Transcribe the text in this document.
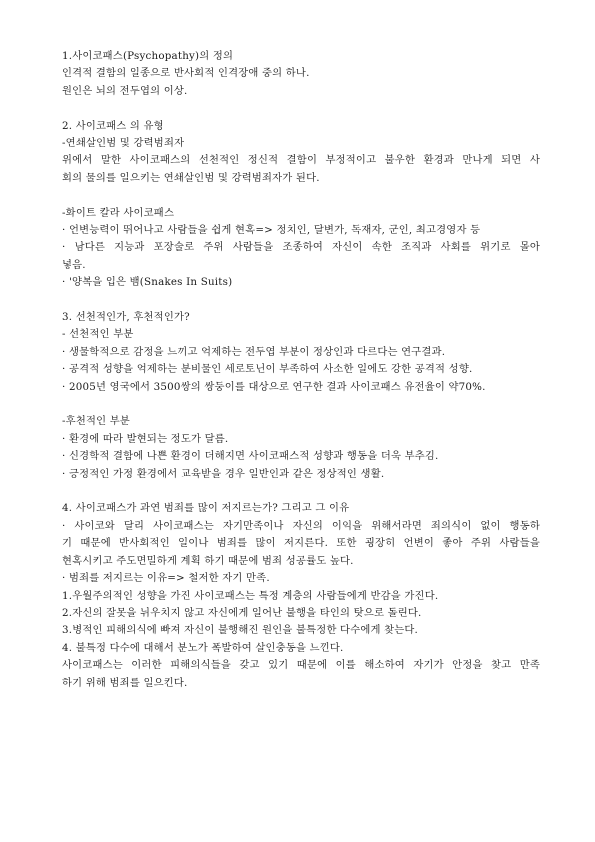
1.사이코패스(Psychopathy)의 정의
인격적 결함의 일종으로 반사회적 인격장애 중의 하나.
원인은 뇌의 전두엽의 이상.
2. 사이코패스 의 유형
-연쇄살인범 및 강력범죄자
위에서 말한 사이코패스의 선천적인 정신적 결함이 부정적이고 불우한 환경과 만나게 되면 사
회의 물의를 일으키는 연쇄살인범 및 강력범죄자가 된다.
-화이트 칼라 사이코패스
· 언변능력이 뛰어나고 사람들을 쉽게 현혹=> 정치인, 달변가, 독재자, 군인, 최고경영자 등
· 남다른 지능과 포장술로 주위 사람들을 조종하여 자신이 속한 조직과 사회를 위기로 몰아
넣음.
· '양복을 입은 뱀(Snakes In Suits)
3. 선천적인가, 후천적인가?
- 선천적인 부분
· 생물학적으로 감정을 느끼고 억제하는 전두엽 부분이 정상인과 다르다는 연구결과.
· 공격적 성향을 억제하는 분비물인 세로토닌이 부족하여 사소한 일에도 강한 공격적 성향.
· 2005년 영국에서 3500쌍의 쌍둥이를 대상으로 연구한 결과 사이코패스 유전율이 약70%.
-후천적인 부분
· 환경에 따라 발현되는 정도가 달름.
· 신경학적 결함에 나쁜 환경이 더해지면 사이코패스적 성향과 행동을 더욱 부추김.
· 긍정적인 가정 환경에서 교육받을 경우 일반인과 같은 정상적인 생활.
4. 사이코패스가 과연 범죄를 많이 저지르는가? 그리고 그 이유
· 사이코와 달리 사이코패스는 자기만족이나 자신의 이익을 위해서라면 죄의식이 없이 행동하
기 때문에 반사회적인 일이나 범죄를 많이 저지른다. 또한 굉장히 언변이 좋아 주위 사람들을
현혹시키고 주도면밀하게 계획 하기 때문에 범죄 성공률도 높다.
· 범죄를 저지르는 이유=> 철저한 자기 만족.
1.우월주의적인 성향을 가진 사이코패스는 특정 계층의 사람들에게 반감을 가진다.
2.자신의 잘못을 뉘우치지 않고 자신에게 일어난 불행을 타인의 탓으로 돌린다.
3.병적인 피해의식에 빠져 자신이 불행해진 원인을 불특정한 다수에게 찾는다.
4. 불특정 다수에 대해서 분노가 폭발하여 살인충동을 느낀다.
사이코패스는 이러한 피해의식들을 갖고 있기 때문에 이를 해소하여 자기가 안정을 찾고 만족
하기 위해 범죄를 일으킨다.
